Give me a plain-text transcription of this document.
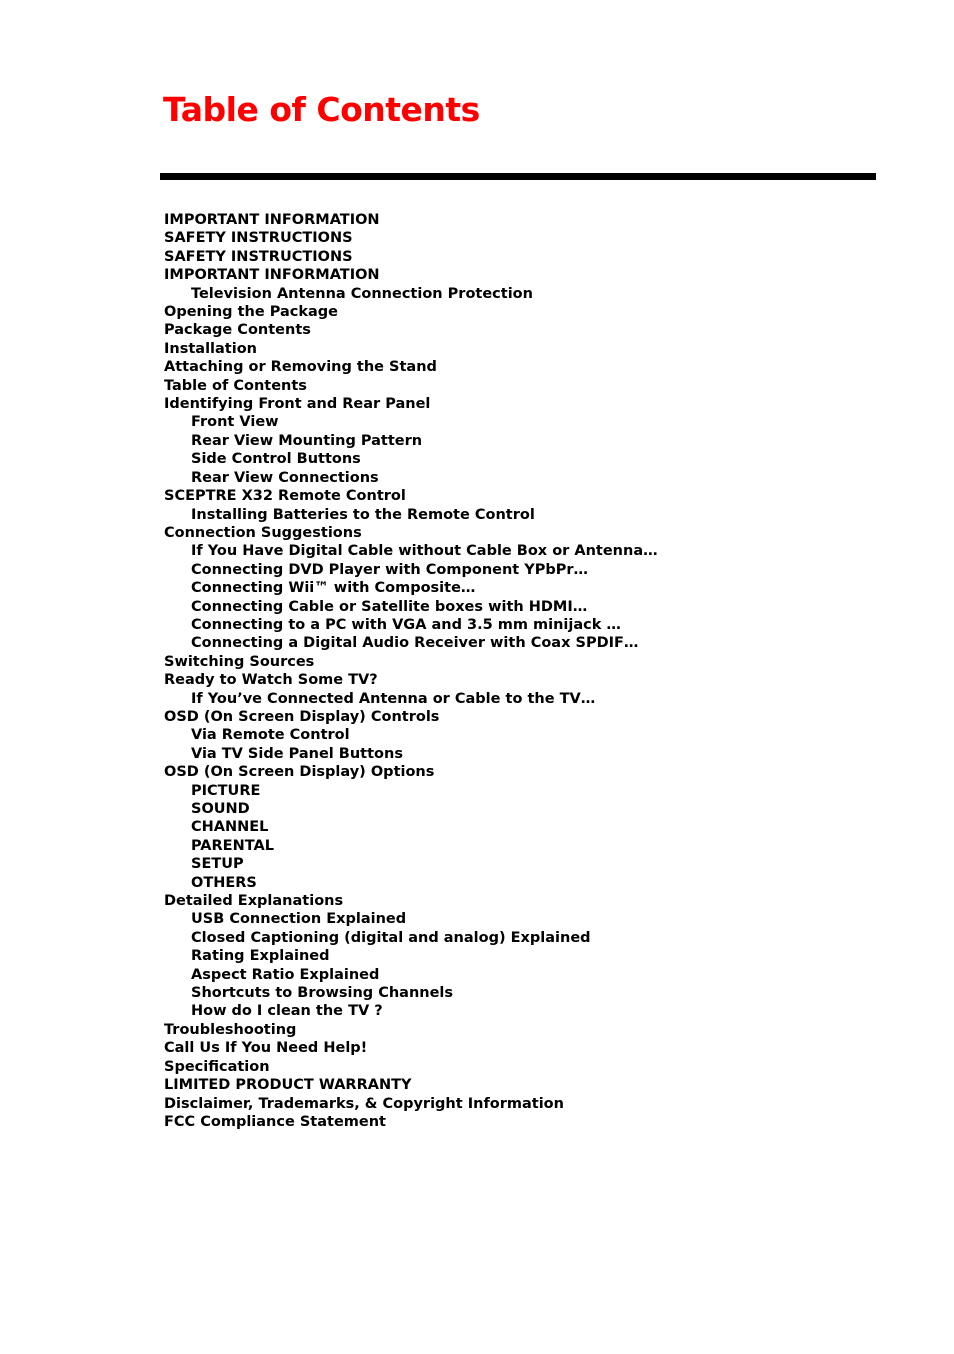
Table of Contents
IMPORTANT INFORMATION
SAFETY INSTRUCTIONS
SAFETY INSTRUCTIONS
IMPORTANT INFORMATION
Television Antenna Connection Protection
Opening the Package
Package Contents
Installation
Attaching or Removing the Stand
Table of Contents
Identifying Front and Rear Panel
Front View
Rear View Mounting Pattern
Side Control Buttons
Rear View Connections
SCEPTRE X32 Remote Control
Installing Batteries to the Remote Control
Connection Suggestions
If You Have Digital Cable without Cable Box or Antenna…
Connecting DVD Player with Component YPbPr…
Connecting Wii™ with Composite…
Connecting Cable or Satellite boxes with HDMI…
Connecting to a PC with VGA and 3.5 mm minijack …
Connecting a Digital Audio Receiver with Coax SPDIF…
Switching Sources
Ready to Watch Some TV?
If You’ve Connected Antenna or Cable to the TV…
OSD (On Screen Display) Controls
Via Remote Control
Via TV Side Panel Buttons
OSD (On Screen Display) Options
PICTURE
SOUND
CHANNEL
PARENTAL
SETUP
OTHERS
Detailed Explanations
USB Connection Explained
Closed Captioning (digital and analog) Explained
Rating Explained
Aspect Ratio Explained
Shortcuts to Browsing Channels
How do I clean the TV ?
Troubleshooting
Call Us If You Need Help!
Specification
LIMITED PRODUCT WARRANTY
Disclaimer, Trademarks, & Copyright Information
FCC Compliance Statement
